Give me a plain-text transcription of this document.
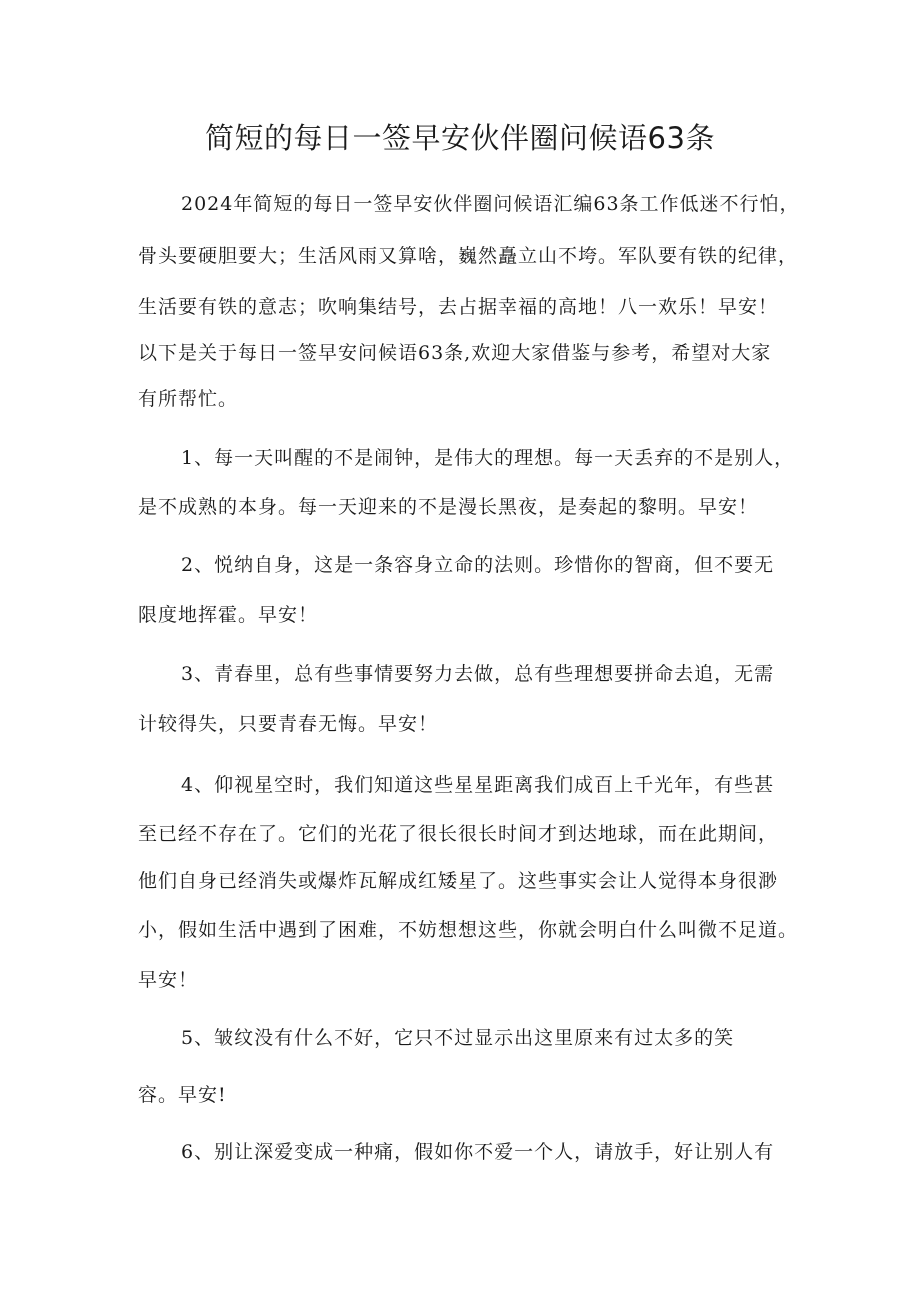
简短的每日一签早安伙伴圈问候语63条
2024年简短的每日一签早安伙伴圈问候语汇编63条工作低迷不行怕，
骨头要硬胆要大；生活风雨又算啥，巍然矗立山不垮。军队要有铁的纪律，
生活要有铁的意志；吹响集结号，去占据幸福的高地！八一欢乐！早安！
以下是关于每日一签早安问候语63条,欢迎大家借鉴与参考，希望对大家
有所帮忙。
1、每一天叫醒的不是闹钟，是伟大的理想。每一天丢弃的不是别人，
是不成熟的本身。每一天迎来的不是漫长黑夜，是奏起的黎明。早安！
2、悦纳自身，这是一条容身立命的法则。珍惜你的智商，但不要无
限度地挥霍。早安！
3、青春里，总有些事情要努力去做，总有些理想要拼命去追，无需
计较得失，只要青春无悔。早安！
4、仰视星空时，我们知道这些星星距离我们成百上千光年，有些甚
至已经不存在了。它们的光花了很长很长时间才到达地球，而在此期间，
他们自身已经消失或爆炸瓦解成红矮星了。这些事实会让人觉得本身很渺
小，假如生活中遇到了困难，不妨想想这些，你就会明白什么叫微不足道。
早安！
5、皱纹没有什么不好，它只不过显示出这里原来有过太多的笑
容。早安!
6、别让深爱变成一种痛，假如你不爱一个人，请放手，好让别人有
